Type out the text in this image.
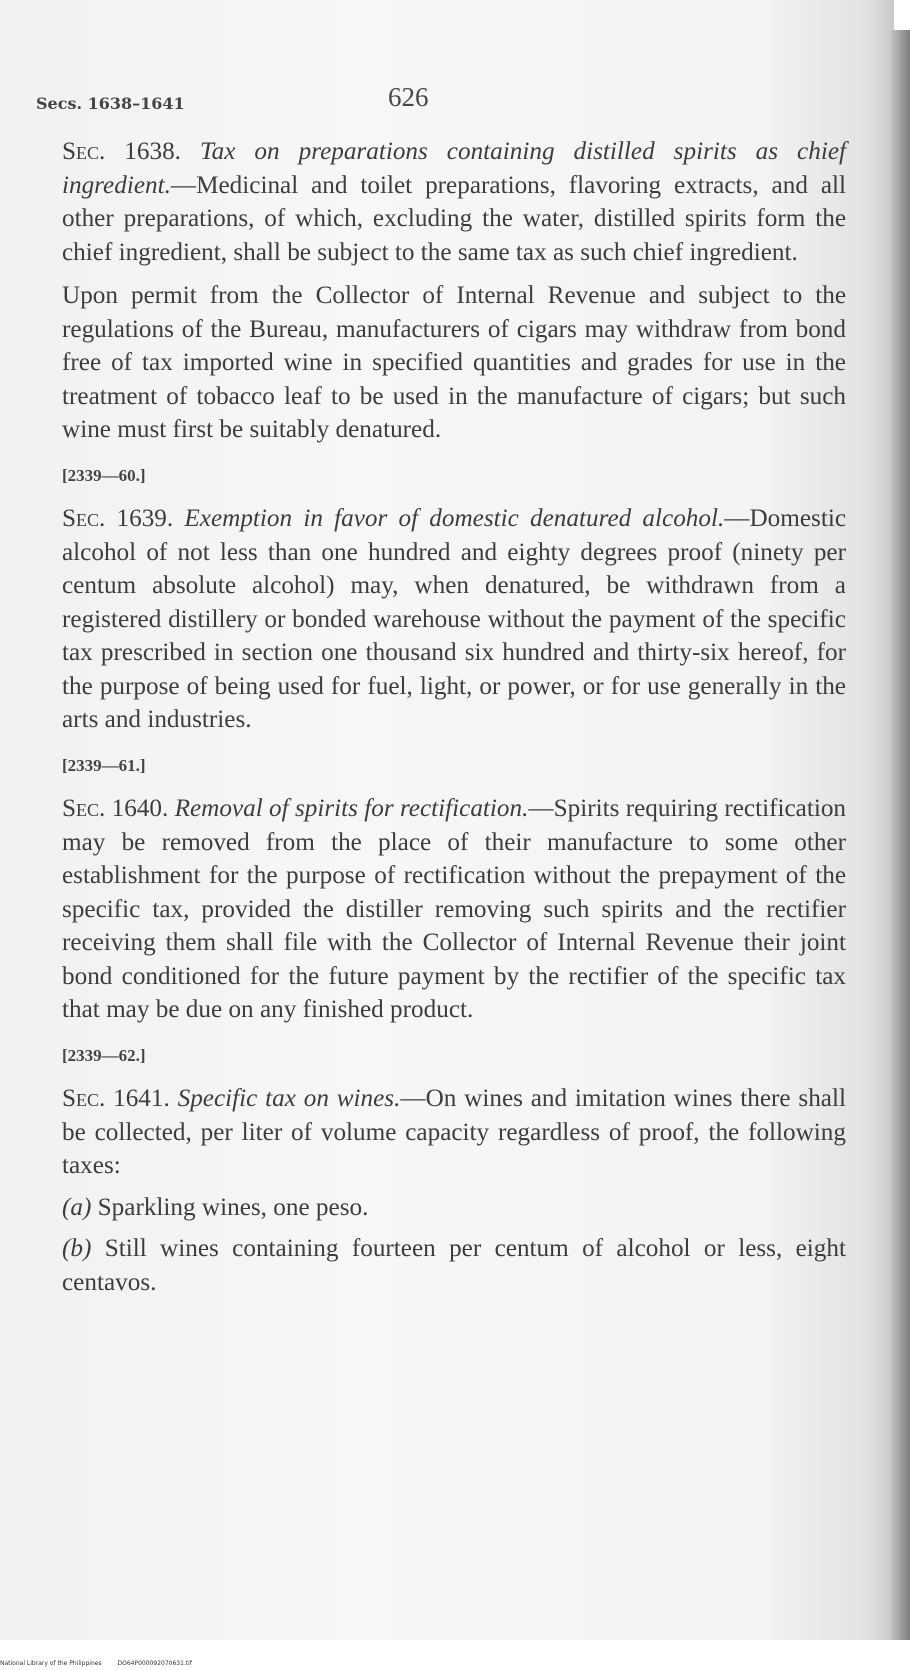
Secs. 1638–1641	626

Sec. 1638. Tax on preparations containing distilled spirits as chief ingredient.—Medicinal and toilet preparations, flavoring extracts, and all other preparations, of which, excluding the water, distilled spirits form the chief ingredient, shall be subject to the same tax as such chief ingredient.

Upon permit from the Collector of Internal Revenue and subject to the regulations of the Bureau, manufacturers of cigars may withdraw from bond free of tax imported wine in specified quantities and grades for use in the treatment of tobacco leaf to be used in the manufacture of cigars; but such wine must first be suitably denatured.

[2339—60.]

Sec. 1639. Exemption in favor of domestic denatured alcohol.—Domestic alcohol of not less than one hundred and eighty degrees proof (ninety per centum absolute alcohol) may, when denatured, be withdrawn from a registered distillery or bonded warehouse without the payment of the specific tax prescribed in section one thousand six hundred and thirty-six hereof, for the purpose of being used for fuel, light, or power, or for use generally in the arts and industries.

[2339—61.]

Sec. 1640. Removal of spirits for rectification.—Spirits requiring rectification may be removed from the place of their manufacture to some other establishment for the purpose of rectification without the prepayment of the specific tax, provided the distiller removing such spirits and the rectifier receiving them shall file with the Collector of Internal Revenue their joint bond conditioned for the future payment by the rectifier of the specific tax that may be due on any finished product.

[2339—62.]

Sec. 1641. Specific tax on wines.—On wines and imitation wines there shall be collected, per liter of volume capacity regardless of proof, the following taxes:

(a) Sparkling wines, one peso.

(b) Still wines containing fourteen per centum of alcohol or less, eight centavos.

National Library of the Philippines	DO64P000092070631.tif
